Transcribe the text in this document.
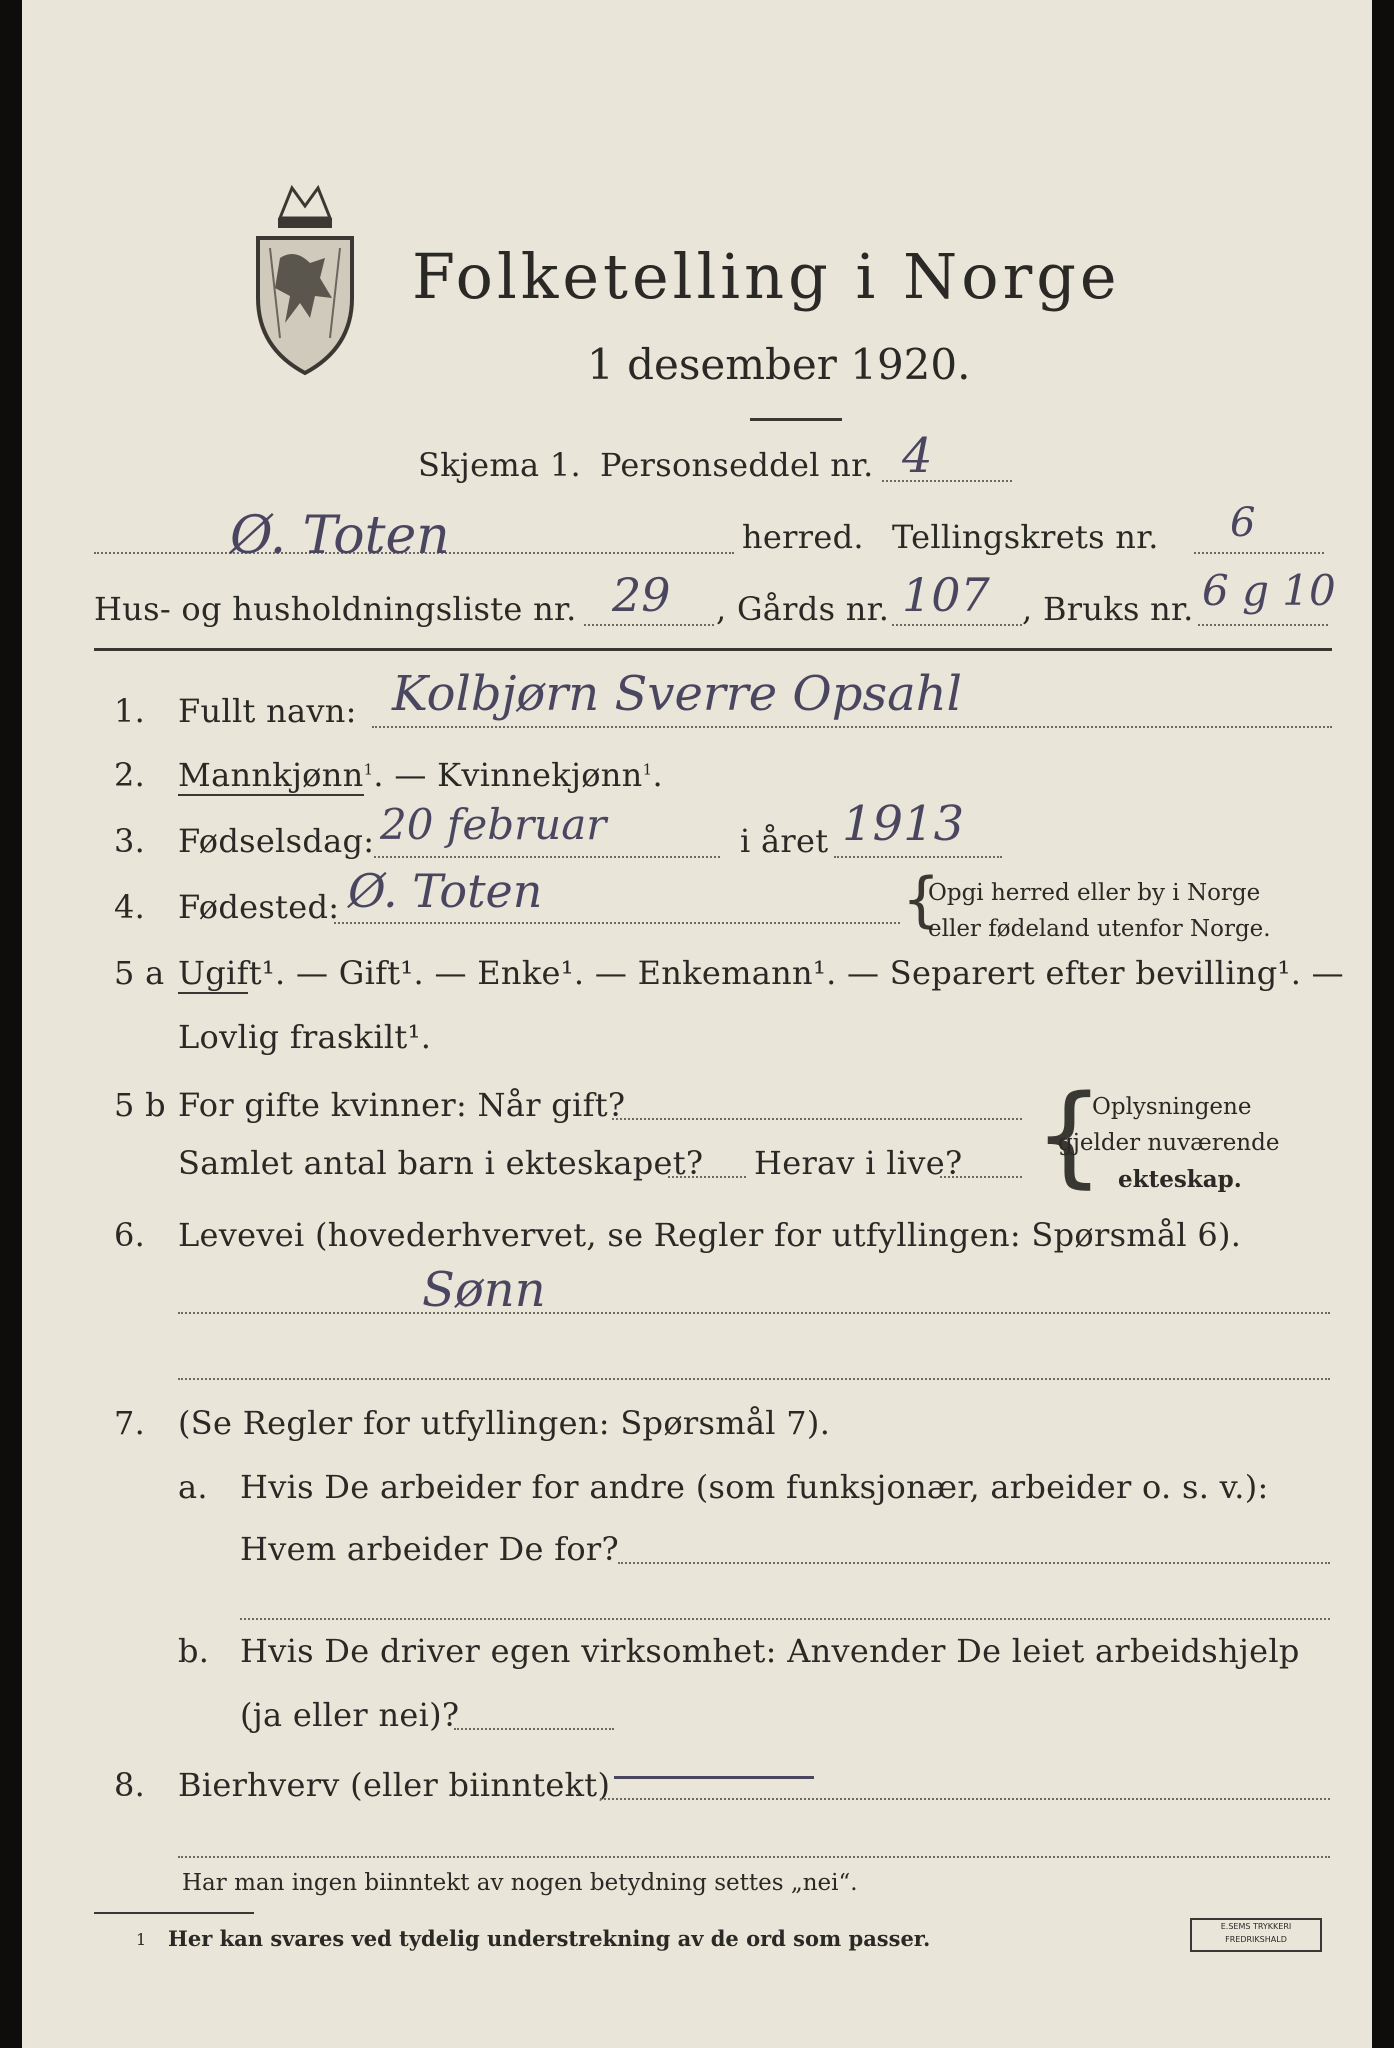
Folketelling i Norge
1 desember 1920.
Skjema 1. Personseddel nr. 4
Ø. Toten	herred. Tellingskrets nr. 6
Hus- og husholdningsliste nr. 29 , Gårds nr. 107 , Bruks nr. 6 g 10
1. Fullt navn: Kolbjørn Sverre Opsahl
2. Mannkjønn$^1$. — Kvinnekjønn$^1$.
3. Fødselsdag: 20 februar	i året 1913
4. Fødested: Ø. Toten	{
Opgi herred eller by i Norge
eller fødeland utenfor Norge.
5 a Ugift¹. — Gift¹. — Enke¹. — Enkemann¹. — Separert efter bevilling¹. —
Lovlig fraskilt¹.
5 b For gifte kvinner: Når gift?
Samlet antal barn i ekteskapet? Herav i live? {
Oplysningene
gjelder nuværende
ekteskap.
6. Levevei (hovederhvervet, se Regler for utfyllingen: Spørsmål 6).
Sønn
7. (Se Regler for utfyllingen: Spørsmål 7).
a. Hvis De arbeider for andre (som funksjonær, arbeider o. s. v.):
Hvem arbeider De for?
b. Hvis De driver egen virksomhet: Anvender De leiet arbeidshjelp
(ja eller nei)?
8. Bierhverv (eller biinntekt)
Har man ingen biinntekt av nogen betydning settes „nei“.
1 Her kan svares ved tydelig understrekning av de ord som passer.	E.SEMS TRYKKERI
FREDRIKSHALD
